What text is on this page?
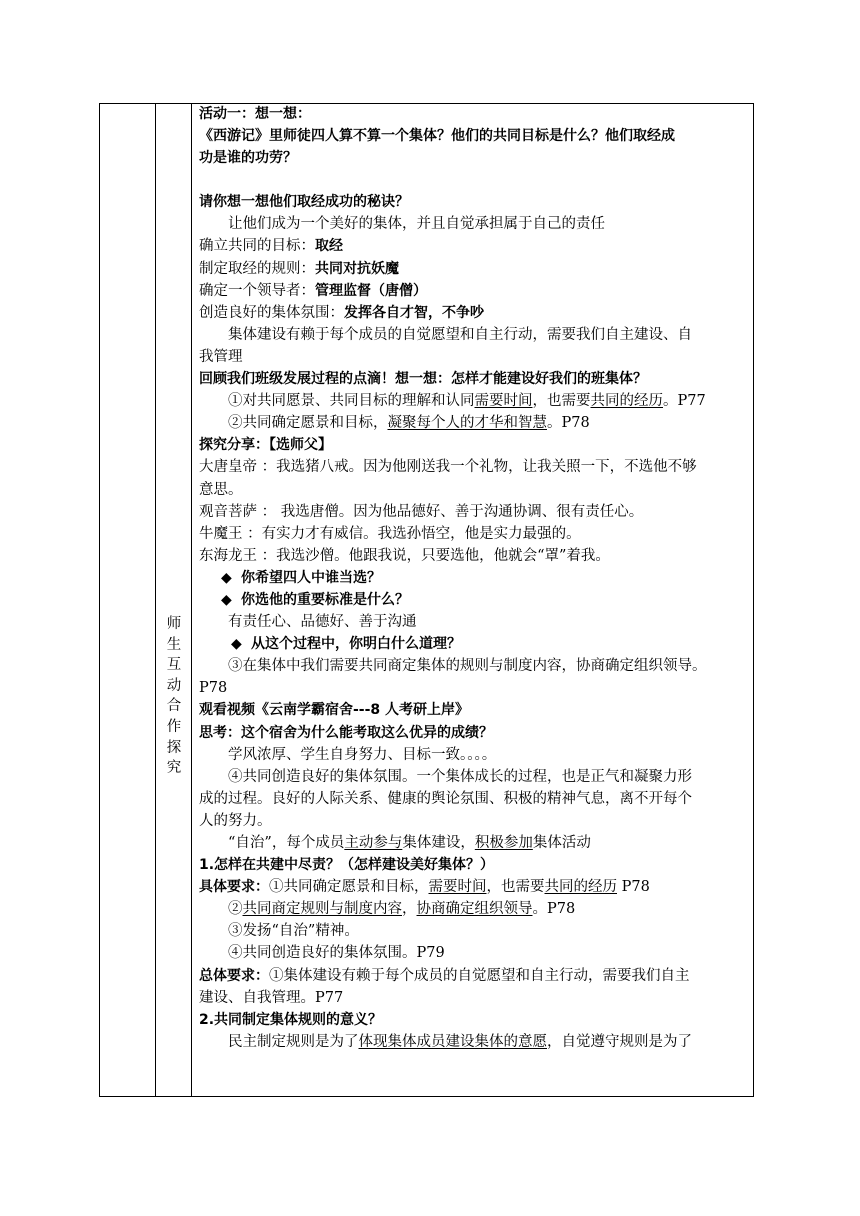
师
生
互
动
合
作
探
究

活动一：想一想：

《西游记》里师徒四人算不算一个集体？他们的共同目标是什么？他们取经成

功是谁的功劳？

请你想一想他们取经成功的秘诀？

让他们成为一个美好的集体，并且自觉承担属于自己的责任

确立共同的目标：取经

制定取经的规则：共同对抗妖魔

确定一个领导者：管理监督（唐僧）

创造良好的集体氛围：发挥各自才智，不争吵

集体建设有赖于每个成员的自觉愿望和自主行动，需要我们自主建设、自

我管理

回顾我们班级发展过程的点滴！想一想：怎样才能建设好我们的班集体？

①对共同愿景、共同目标的理解和认同需要时间，也需要共同的经历。P77

②共同确定愿景和目标，凝聚每个人的才华和智慧。P78

探究分享：【选师父】

大唐皇帝 ：我选猪八戒。因为他刚送我一个礼物，让我关照一下，不选他不够

意思。

观音菩萨 ： 我选唐僧。因为他品德好、善于沟通协调、很有责任心。

牛魔王 ：有实力才有威信。我选孙悟空，他是实力最强的。

东海龙王 ：我选沙僧。他跟我说，只要选他，他就会“罩”着我。

◆ 你希望四人中谁当选？

◆ 你选他的重要标准是什么？

有责任心、品德好、善于沟通

◆ 从这个过程中，你明白什么道理？

③在集体中我们需要共同商定集体的规则与制度内容，协商确定组织领导。

P78

观看视频《云南学霸宿舍---8 人考研上岸》

思考：这个宿舍为什么能考取这么优异的成绩？

学风浓厚、学生自身努力、目标一致。。。。

④共同创造良好的集体氛围。一个集体成长的过程，也是正气和凝聚力形

成的过程。良好的人际关系、健康的舆论氛围、积极的精神气息，离不开每个

人的努力。

“自治”，每个成员主动参与集体建设，积极参加集体活动

1.怎样在共建中尽责？（怎样建设美好集体？）

具体要求：①共同确定愿景和目标，需要时间，也需要共同的经历 P78

②共同商定规则与制度内容，协商确定组织领导。P78

③发扬“自治”精神。

④共同创造良好的集体氛围。P79

总体要求：①集体建设有赖于每个成员的自觉愿望和自主行动，需要我们自主

建设、自我管理。P77

2.共同制定集体规则的意义？

民主制定规则是为了体现集体成员建设集体的意愿，自觉遵守规则是为了
